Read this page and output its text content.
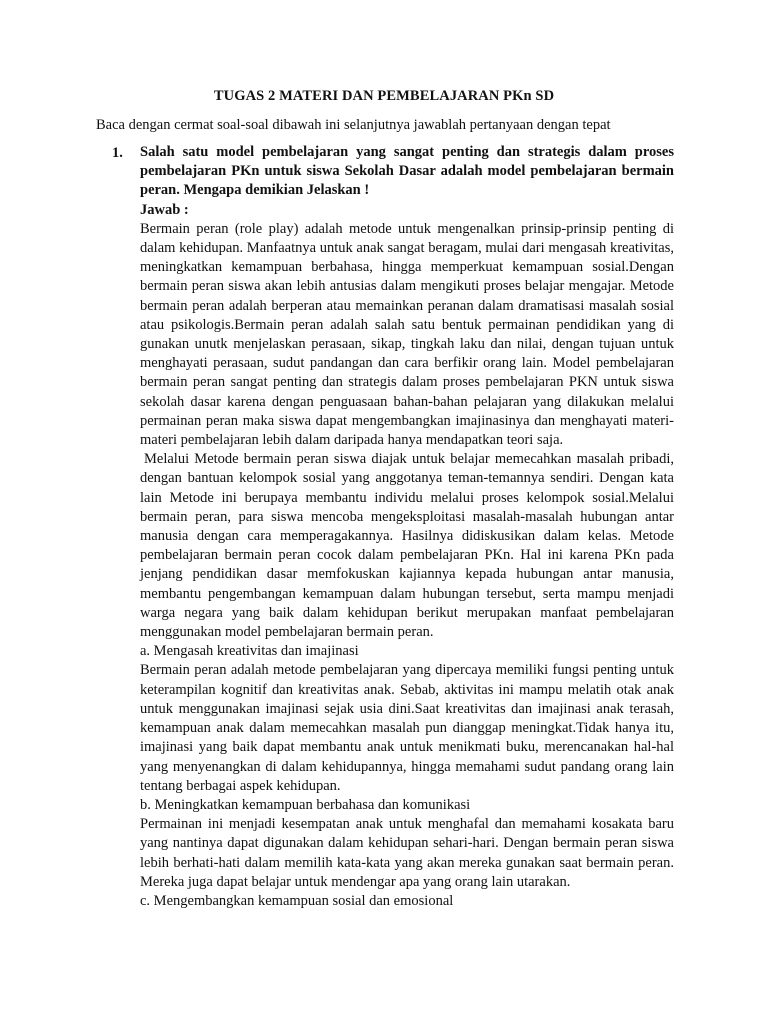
TUGAS 2 MATERI DAN PEMBELAJARAN PKn SD
Baca dengan cermat soal-soal dibawah ini selanjutnya jawablah pertanyaan dengan tepat
1. Salah satu model pembelajaran yang sangat penting dan strategis dalam proses pembelajaran PKn untuk siswa Sekolah Dasar adalah model pembelajaran bermain peran. Mengapa demikian Jelaskan !

Jawab :

Bermain peran (role play) adalah metode untuk mengenalkan prinsip-prinsip penting di dalam kehidupan. Manfaatnya untuk anak sangat beragam, mulai dari mengasah kreativitas, meningkatkan kemampuan berbahasa, hingga memperkuat kemampuan sosial.Dengan bermain peran siswa akan lebih antusias dalam mengikuti proses belajar mengajar. Metode bermain peran adalah berperan atau memainkan peranan dalam dramatisasi masalah sosial atau psikologis.Bermain peran adalah salah satu bentuk permainan pendidikan yang di gunakan unutk menjelaskan perasaan, sikap, tingkah laku dan nilai, dengan tujuan untuk menghayati perasaan, sudut pandangan dan cara berfikir orang lain. Model pembelajaran bermain peran sangat penting dan strategis dalam proses pembelajaran PKN untuk siswa sekolah dasar karena dengan penguasaan bahan-bahan pelajaran yang dilakukan melalui permainan peran maka siswa dapat mengembangkan imajinasinya dan menghayati materi-materi pembelajaran lebih dalam daripada hanya mendapatkan teori saja.

Melalui Metode bermain peran siswa diajak untuk belajar memecahkan masalah pribadi, dengan bantuan kelompok sosial yang anggotanya teman-temannya sendiri. Dengan kata lain Metode ini berupaya membantu individu melalui proses kelompok sosial.Melalui bermain peran, para siswa mencoba mengeksploitasi masalah-masalah hubungan antar manusia dengan cara memperagakannya. Hasilnya didiskusikan dalam kelas. Metode pembelajaran bermain peran cocok dalam pembelajaran PKn. Hal ini karena PKn pada jenjang pendidikan dasar memfokuskan kajiannya kepada hubungan antar manusia, membantu pengembangan kemampuan dalam hubungan tersebut, serta mampu menjadi warga negara yang baik dalam kehidupan berikut merupakan manfaat pembelajaran menggunakan model pembelajaran bermain peran.

a. Mengasah kreativitas dan imajinasi

Bermain peran adalah metode pembelajaran yang dipercaya memiliki fungsi penting untuk keterampilan kognitif dan kreativitas anak. Sebab, aktivitas ini mampu melatih otak anak untuk menggunakan imajinasi sejak usia dini.Saat kreativitas dan imajinasi anak terasah, kemampuan anak dalam memecahkan masalah pun dianggap meningkat.Tidak hanya itu, imajinasi yang baik dapat membantu anak untuk menikmati buku, merencanakan hal-hal yang menyenangkan di dalam kehidupannya, hingga memahami sudut pandang orang lain tentang berbagai aspek kehidupan.

b. Meningkatkan kemampuan berbahasa dan komunikasi

Permainan ini menjadi kesempatan anak untuk menghafal dan memahami kosakata baru yang nantinya dapat digunakan dalam kehidupan sehari-hari. Dengan bermain peran siswa lebih berhati-hati dalam memilih kata-kata yang akan mereka gunakan saat bermain peran. Mereka juga dapat belajar untuk mendengar apa yang orang lain utarakan.

c. Mengembangkan kemampuan sosial dan emosional
